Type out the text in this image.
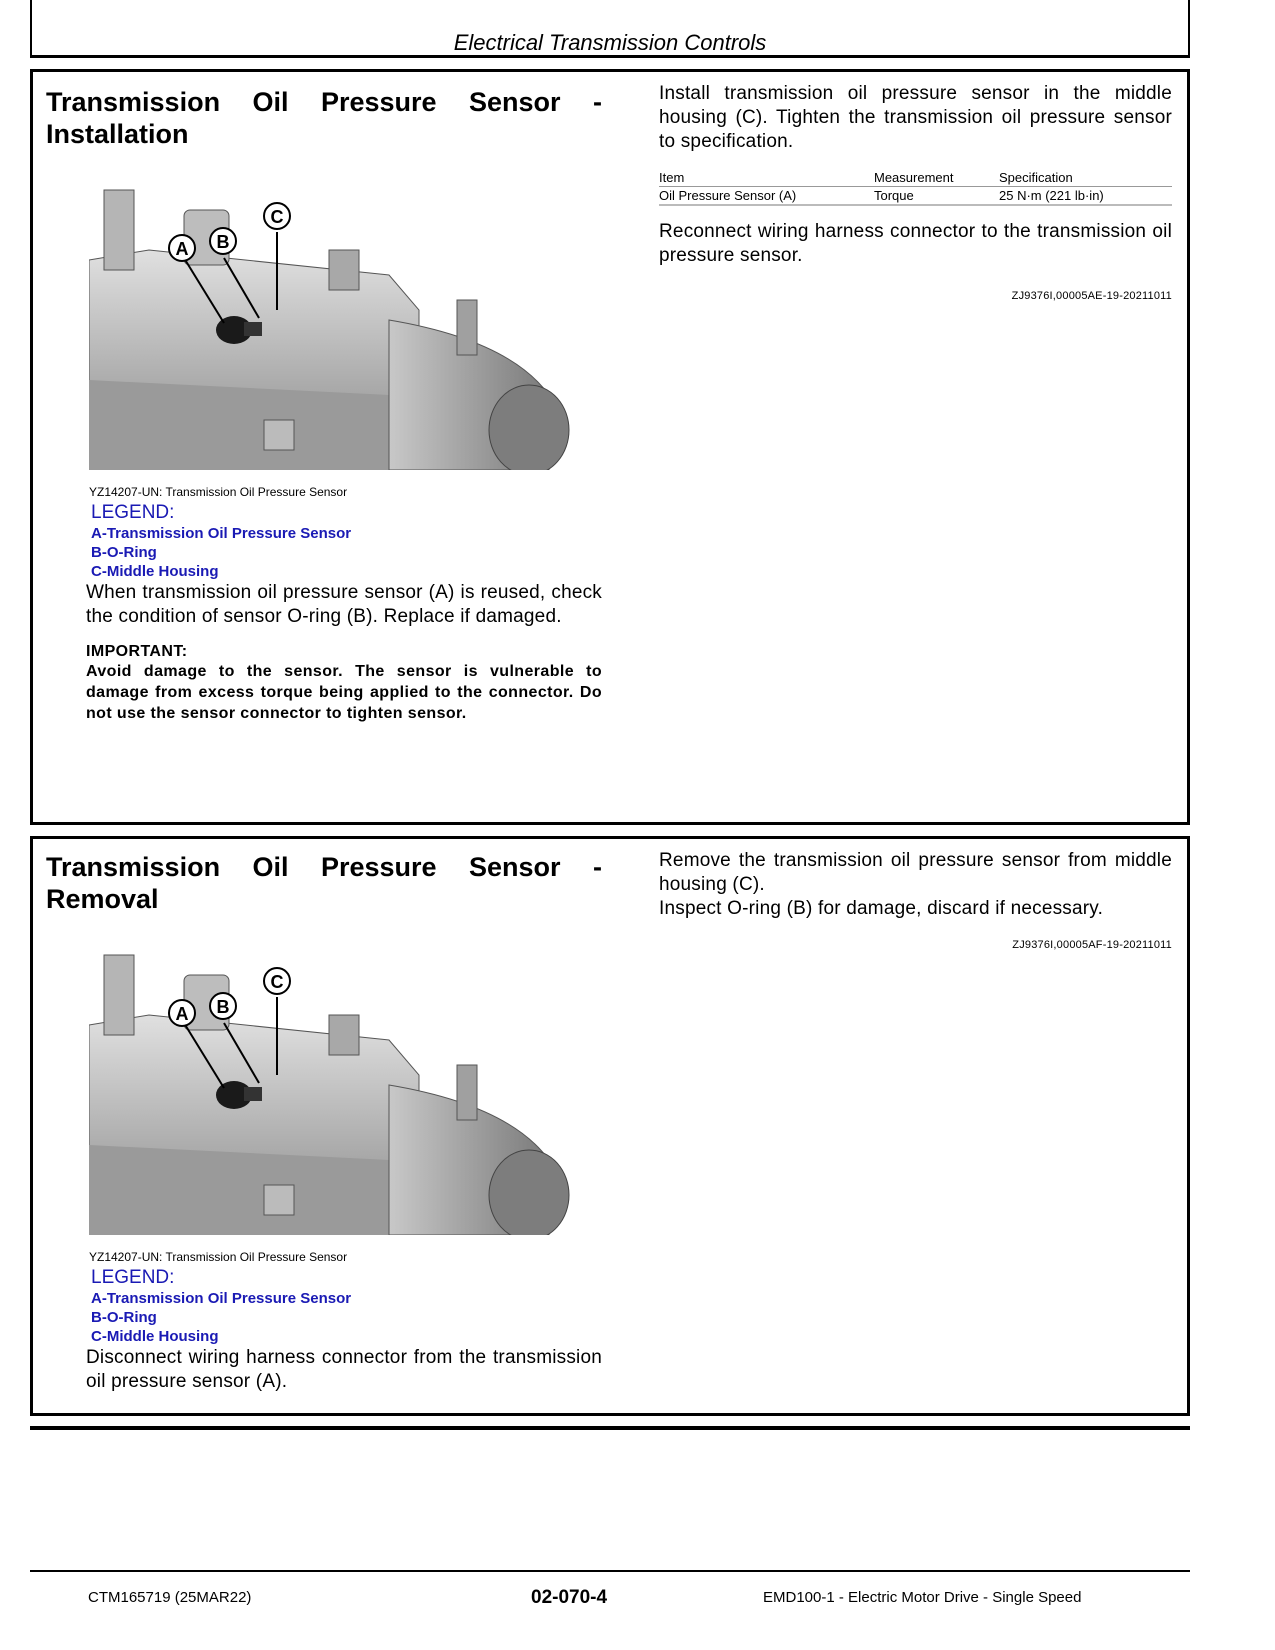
Electrical Transmission Controls
Transmission Oil Pressure Sensor - Installation
A B
C
YZ14207-UN: Transmission Oil Pressure Sensor
LEGEND:
A-Transmission Oil Pressure Sensor
B-O-Ring
C-Middle Housing
When transmission oil pressure sensor (A) is reused, check the condition of sensor O-ring (B). Replace if damaged.
IMPORTANT:
Avoid damage to the sensor. The sensor is vulnerable to damage from excess torque being applied to the connector. Do not use the sensor connector to tighten sensor.
Install transmission oil pressure sensor in the middle housing (C). Tighten the transmission oil pressure sensor to specification.
Item	Measurement	Specification
Oil Pressure Sensor (A)	Torque	25 N·m (221 lb·in)
Reconnect wiring harness connector to the transmission oil pressure sensor.
ZJ9376I,00005AE-19-20211011
Transmission Oil Pressure Sensor - Removal
A B
C
YZ14207-UN: Transmission Oil Pressure Sensor
LEGEND:
A-Transmission Oil Pressure Sensor
B-O-Ring
C-Middle Housing
Disconnect wiring harness connector from the transmission oil pressure sensor (A).
Remove the transmission oil pressure sensor from middle housing (C).
Inspect O-ring (B) for damage, discard if necessary.
ZJ9376I,00005AF-19-20211011
CTM165719 (25MAR22)	02-070-4	EMD100-1 - Electric Motor Drive - Single Speed
